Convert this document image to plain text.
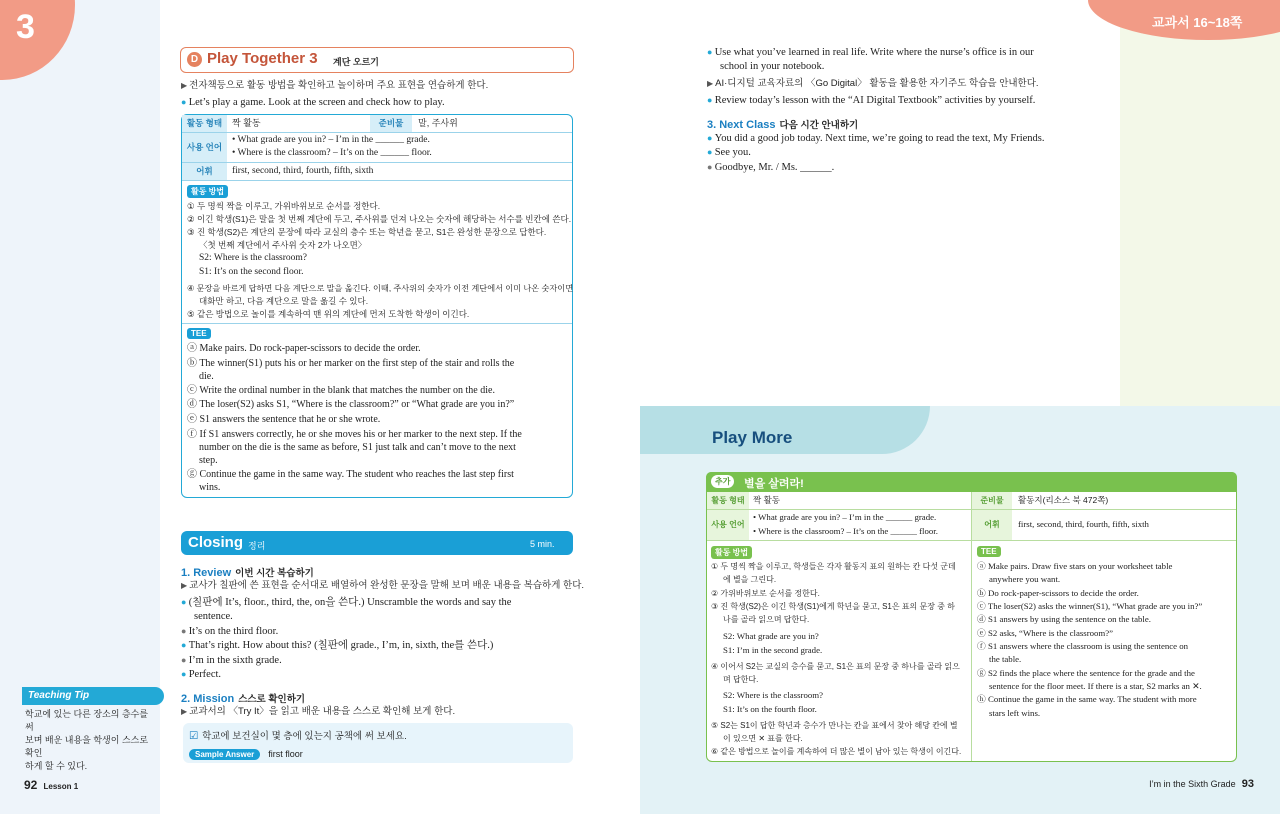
3	교과서 16~18쪽
D Play Together 3 계단 오르기
▶ 전자책등으로 활동 방법을 확인하고 놀이하며 주요 표현을 연습하게 한다.
● Let’s play a game. Look at the screen and check how to play.
활동 형태	짝 활동	준비물	말, 주사위
사용 언어
• What grade are you in? – I’m in the ______ grade.
• Where is the classroom? – It’s on the ______ floor.
어휘	first, second, third, fourth, fifth, sixth
활동 방법
① 두 명씩 짝을 이루고, 가위바위보로 순서를 정한다.
② 이긴 학생(S1)은 말을 첫 번째 계단에 두고, 주사위를 던져 나오는 숫자에 해당하는 서수를 빈칸에 쓴다.
③ 진 학생(S2)은 계단의 문장에 따라 교실의 층수 또는 학년을 묻고, S1은 완성한 문장으로 답한다.
〈첫 번째 계단에서 주사위 숫자 2가 나오면〉
S2: Where is the classroom?
S1: It’s on the second floor.
④ 문장을 바르게 답하면 다음 계단으로 말을 옮긴다. 이때, 주사위의 숫자가 이전 계단에서 이미 나온 숫자이면
대화만 하고, 다음 계단으로 말을 옮길 수 있다.
⑤ 같은 방법으로 놀이를 계속하여 맨 위의 계단에 먼저 도착한 학생이 이긴다.
TEE
ⓐ Make pairs. Do rock-paper-scissors to decide the order.
ⓑ The winner(S1) puts his or her marker on the first step of the stair and rolls the
die.
ⓒ Write the ordinal number in the blank that matches the number on the die.
ⓓ The loser(S2) asks S1, “Where is the classroom?” or “What grade are you in?”
ⓔ S1 answers the sentence that he or she wrote.
ⓕ If S1 answers correctly, he or she moves his or her marker to the next step. If the
number on the die is the same as before, S1 just talk and can’t move to the next
step.
ⓖ Continue the game in the same way. The student who reaches the last step first
wins.
Closing 정리	5 min.
1. Review 이번 시간 복습하기
▶ 교사가 칠판에 쓴 표현을 순서대로 배열하여 완성한 문장을 말해 보며 배운 내용을 복습하게 한다.
● (칠판에 It’s, floor., third, the, on을 쓴다.) Unscramble the words and say the
sentence.
● It’s on the third floor.
● That’s right. How about this? (칠판에 grade., I’m, in, sixth, the를 쓴다.)
● I’m in the sixth grade.
● Perfect.
2. Mission 스스로 확인하기
▶ 교과서의 〈Try It〉을 읽고 배운 내용을 스스로 확인해 보게 한다.
☑ 학교에 보건실이 몇 층에 있는지 공책에 써 보세요.
Sample Answer first floor
Teaching Tip
학교에 있는 다른 장소의 층수를 써
보며 배운 내용을 학생이 스스로 확인
하게 할 수 있다.
● Use what you’ve learned in real life. Write where the nurse’s office is in our
school in your notebook.
▶ AI·디지털 교육자료의 〈Go Digital〉 활동을 활용한 자기주도 학습을 안내한다.
● Review today’s lesson with the “AI Digital Textbook” activities by yourself.
3. Next Class 다음 시간 안내하기
● You did a good job today. Next time, we’re going to read the text, My Friends.
● See you.
● Goodbye, Mr. / Ms. ______.
Play More
추가	별을 살려라!
활동 형태 짝 활동	준비물	활동지(리소스 북 472쪽)
사용 언어
• What grade are you in? – I’m in the ______ grade.
• Where is the classroom? – It’s on the ______ floor.
어휘	first, second, third, fourth, fifth, sixth
활동 방법
① 두 명씩 짝을 이루고, 학생들은 각자 활동지 표의 원하는 칸 다섯 군데
에 별을 그린다.
② 가위바위보로 순서를 정한다.
③ 진 학생(S2)은 이긴 학생(S1)에게 학년을 묻고, S1은 표의 문장 중 하
나를 골라 읽으며 답한다.
S2: What grade are you in?
S1: I’m in the second grade.
④ 이어서 S2는 교실의 층수를 묻고, S1은 표의 문장 중 하나를 골라 읽으
며 답한다.
S2: Where is the classroom?
S1: It’s on the fourth floor.
⑤ S2는 S1이 답한 학년과 층수가 만나는 칸을 표에서 찾아 해당 칸에 별
이 있으면 ✕ 표를 한다.
⑥ 같은 방법으로 놀이를 계속하여 더 많은 별이 남아 있는 학생이 이긴다.
TEE
ⓐ Make pairs. Draw five stars on your worksheet table
anywhere you want.
ⓑ Do rock-paper-scissors to decide the order.
ⓒ The loser(S2) asks the winner(S1), “What grade are you in?”
ⓓ S1 answers by using the sentence on the table.
ⓔ S2 asks, “Where is the classroom?”
ⓕ S1 answers where the classroom is using the sentence on
the table.
ⓖ S2 finds the place where the sentence for the grade and the
sentence for the floor meet. If there is a star, S2 marks an ✕.
ⓗ Continue the game in the same way. The student with more
stars left wins.
92 Lesson 1	I’m in the Sixth Grade 93
